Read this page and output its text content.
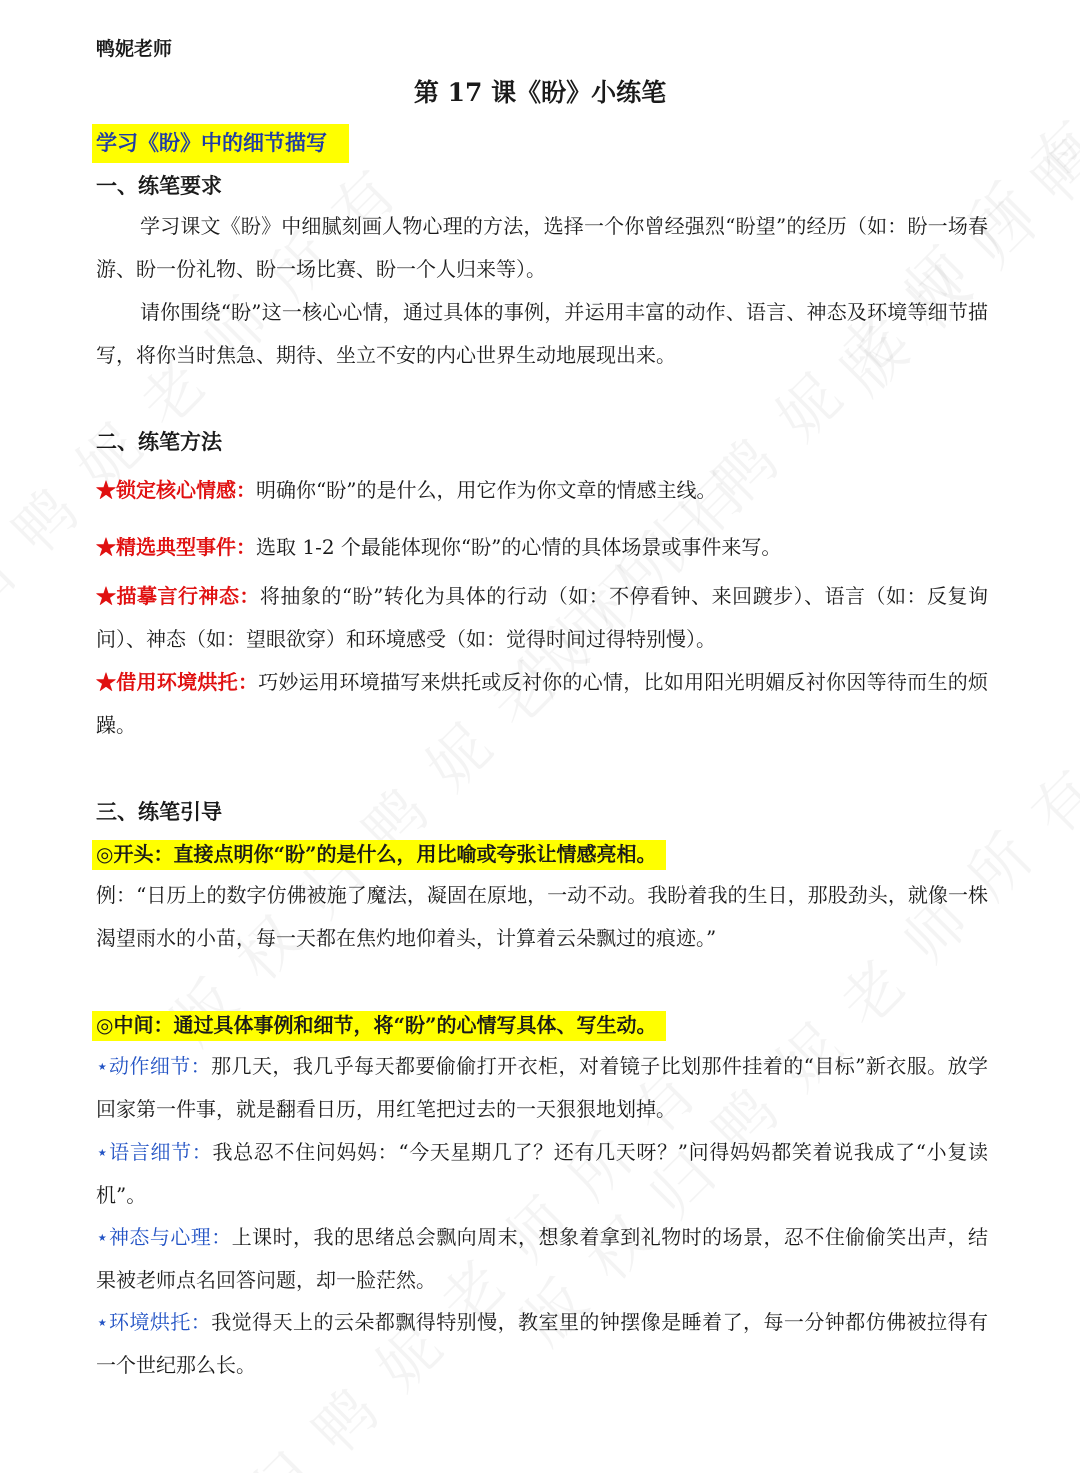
鸭妮老师
第 17 课《盼》小练笔
学习《盼》中的细节描写
一、练笔要求

学习课文《盼》中细腻刻画人物心理的方法，选择一个你曾经强烈“盼望”的经历（如：盼一场春游、盼一份礼物、盼一场比赛、盼一个人归来等）。

请你围绕“盼”这一核心心情，通过具体的事例，并运用丰富的动作、语言、神态及环境等细节描写，将你当时焦急、期待、坐立不安的内心世界生动地展现出来。

二、练笔方法

★锁定核心情感：明确你“盼”的是什么，用它作为你文章的情感主线。

★精选典型事件：选取 1-2 个最能体现你“盼”的心情的具体场景或事件来写。

★描摹言行神态：将抽象的“盼”转化为具体的行动（如：不停看钟、来回踱步）、语言（如：反复询问）、神态（如：望眼欲穿）和环境感受（如：觉得时间过得特别慢）。

★借用环境烘托：巧妙运用环境描写来烘托或反衬你的心情，比如用阳光明媚反衬你因等待而生的烦躁。

三、练笔引导
◎开头：直接点明你“盼”的是什么，用比喻或夸张让情感亮相。

例：“日历上的数字仿佛被施了魔法，凝固在原地，一动不动。我盼着我的生日，那股劲头，就像一株渴望雨水的小苗，每一天都在焦灼地仰着头，计算着云朵飘过的痕迹。”

◎中间：通过具体事例和细节，将“盼”的心情写具体、写生动。

⋆动作细节：那几天，我几乎每天都要偷偷打开衣柜，对着镜子比划那件挂着的“目标”新衣服。放学回家第一件事，就是翻看日历，用红笔把过去的一天狠狠地划掉。

⋆语言细节：我总忍不住问妈妈：“今天星期几了？还有几天呀？”问得妈妈都笑着说我成了“小复读机”。

⋆神态与心理：上课时，我的思绪总会飘向周末，想象着拿到礼物时的场景，忍不住偷偷笑出声，结果被老师点名回答问题，却一脸茫然。

⋆环境烘托：我觉得天上的云朵都飘得特别慢，教室里的钟摆像是睡着了，每一分钟都仿佛被拉得有一个世纪那么长。
